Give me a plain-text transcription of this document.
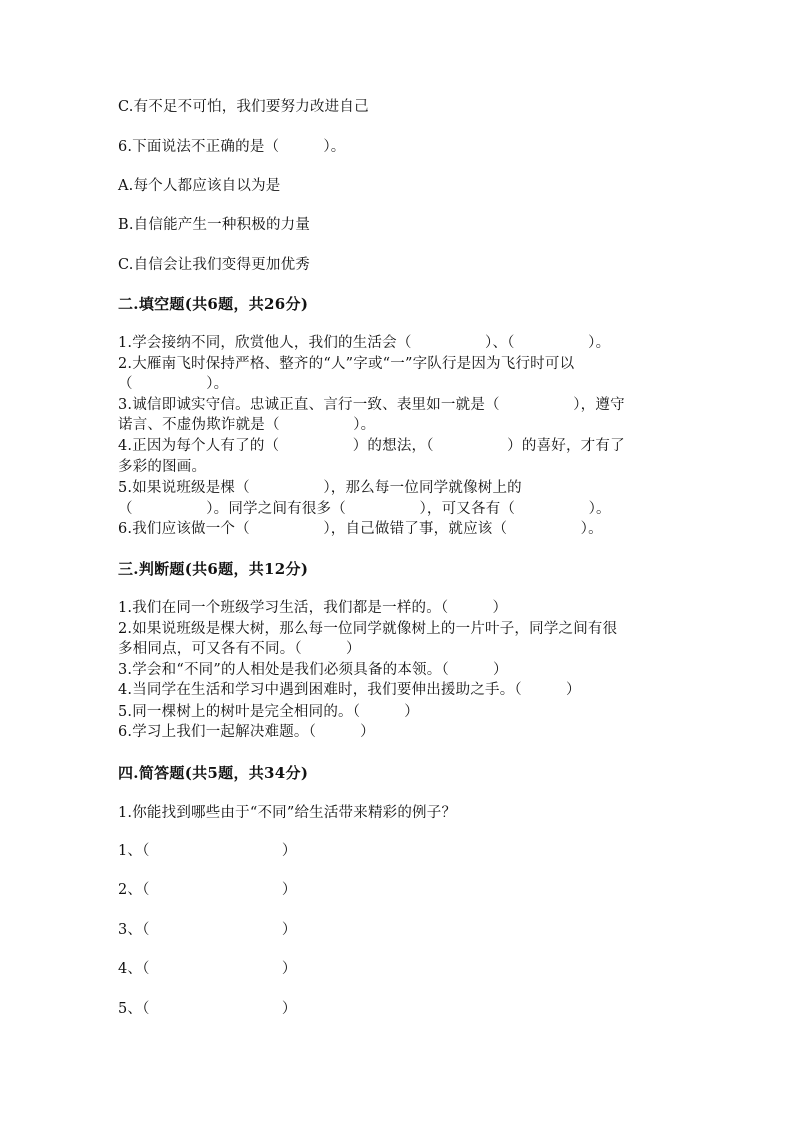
C.有不足不可怕，我们要努力改进自己
6.下面说法不正确的是（　　　）。
A.每个人都应该自以为是
B.自信能产生一种积极的力量
C.自信会让我们变得更加优秀
二.填空题(共6题，共26分)
1.学会接纳不同，欣赏他人，我们的生活会（　　　　　）、（　　　　　）。
2.大雁南飞时保持严格、整齐的“人”字或“一”字队行是因为飞行时可以
（　　　　　）。
3.诚信即诚实守信。忠诚正直、言行一致、表里如一就是（　　　　　），遵守
诺言、不虚伪欺诈就是（　　　　　）。
4.正因为每个人有了的（　　　　　）的想法，（　　　　　）的喜好，才有了
多彩的图画。
5.如果说班级是棵（　　　　　），那么每一位同学就像树上的
（　　　　　）。同学之间有很多（　　　　　），可又各有（　　　　　）。
6.我们应该做一个（　　　　　），自己做错了事，就应该（　　　　　）。
三.判断题(共6题，共12分)
1.我们在同一个班级学习生活，我们都是一样的。（　　　）
2.如果说班级是棵大树，那么每一位同学就像树上的一片叶子，同学之间有很
多相同点，可又各有不同。（　　　）
3.学会和“不同”的人相处是我们必须具备的本领。（　　　）
4.当同学在生活和学习中遇到困难时，我们要伸出援助之手。（　　　）
5.同一棵树上的树叶是完全相同的。（　　　）
6.学习上我们一起解决难题。（　　　）
四.简答题(共5题，共34分)
1.你能找到哪些由于“不同”给生活带来精彩的例子？
1、（　　　　　　　　　）
2、（　　　　　　　　　）
3、（　　　　　　　　　）
4、（　　　　　　　　　）
5、（　　　　　　　　　）
